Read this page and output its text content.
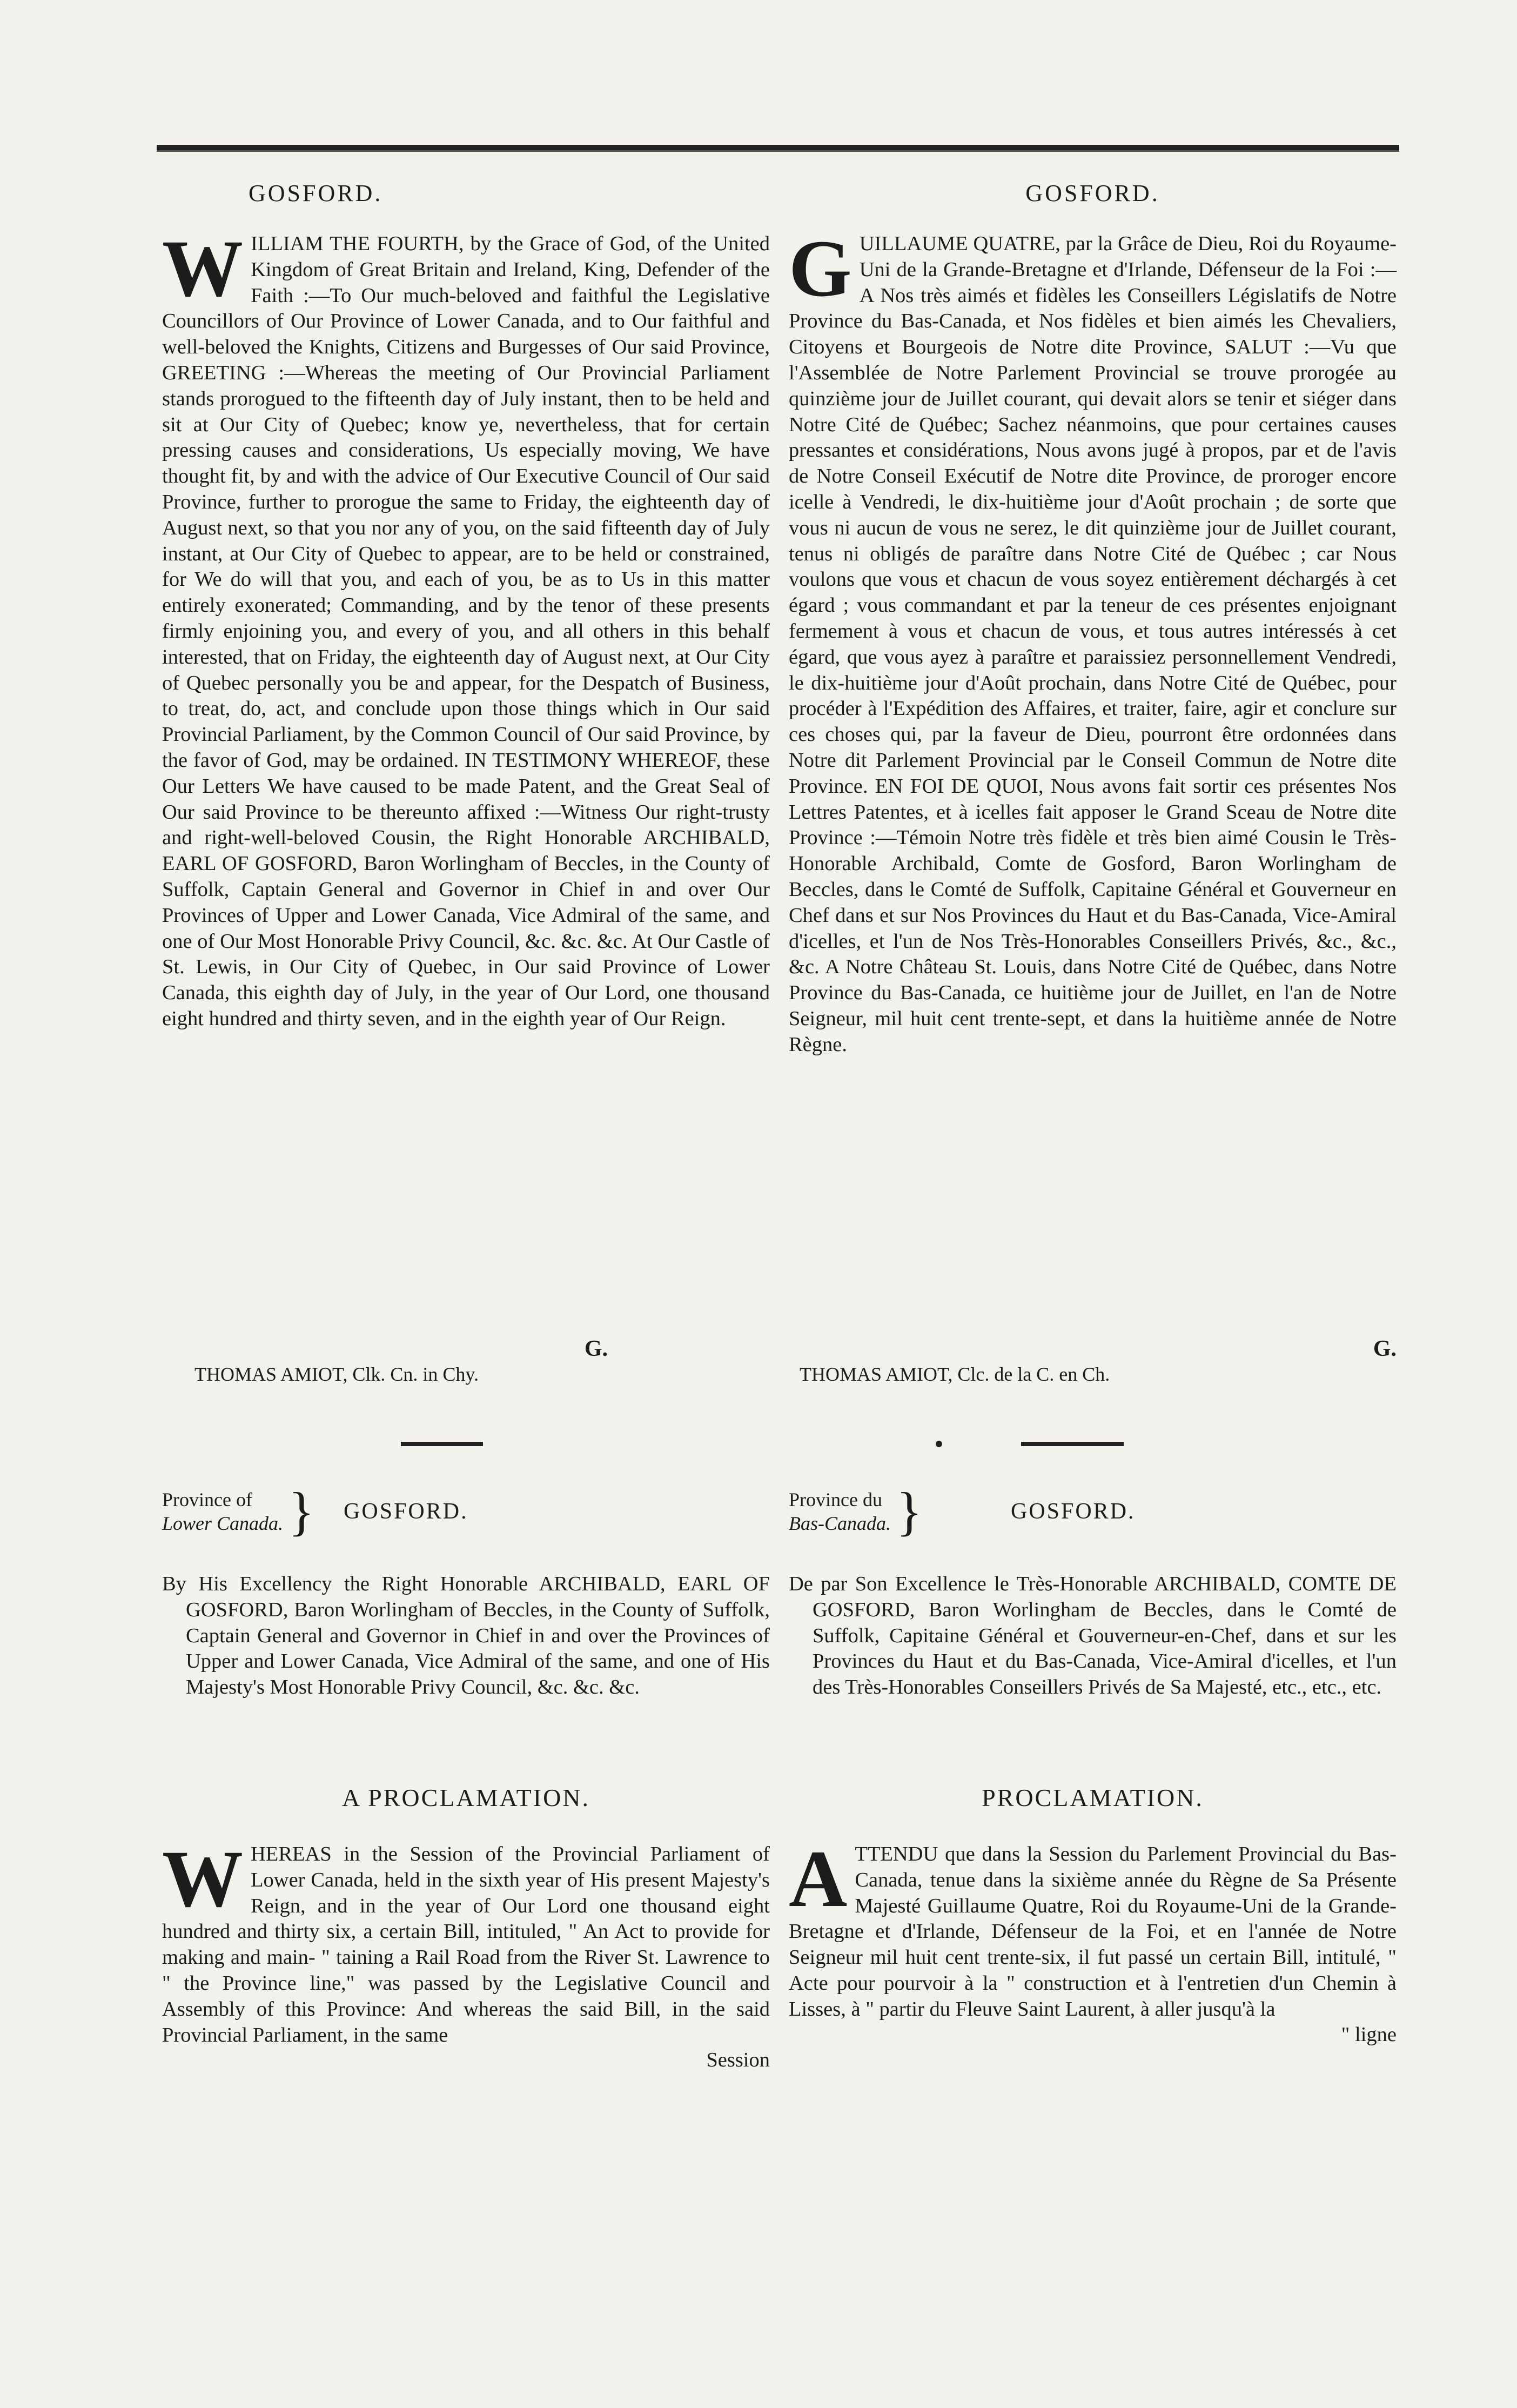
GOSFORD.

W ILLIAM THE FOURTH, by the Grace of God, of the United Kingdom of Great Britain and Ireland, King, Defender of the Faith :—To Our much-beloved and faithful the Legislative Councillors of Our Province of Lower Canada, and to Our faithful and well-beloved the Knights, Citizens and Burgesses of Our said Province, GREETING :—Whereas the meeting of Our Provincial Parliament stands prorogued to the fifteenth day of July instant, then to be held and sit at Our City of Quebec; know ye, nevertheless, that for certain pressing causes and considerations, Us especially moving, We have thought fit, by and with the advice of Our Executive Council of Our said Province, further to prorogue the same to Friday, the eighteenth day of August next, so that you nor any of you, on the said fifteenth day of July instant, at Our City of Quebec to appear, are to be held or constrained, for We do will that you, and each of you, be as to Us in this matter entirely exonerated; Commanding, and by the tenor of these presents firmly enjoining you, and every of you, and all others in this behalf interested, that on Friday, the eighteenth day of August next, at Our City of Quebec personally you be and appear, for the Despatch of Business, to treat, do, act, and conclude upon those things which in Our said Provincial Parliament, by the Common Council of Our said Province, by the favor of God, may be ordained. IN TESTIMONY WHEREOF, these Our Letters We have caused to be made Patent, and the Great Seal of Our said Province to be thereunto affixed :—Witness Our right-trusty and right-well-beloved Cousin, the Right Honorable ARCHIBALD, EARL OF GOSFORD, Baron Worlingham of Beccles, in the County of Suffolk, Captain General and Governor in Chief in and over Our Provinces of Upper and Lower Canada, Vice Admiral of the same, and one of Our Most Honorable Privy Council, &c. &c. &c. At Our Castle of St. Lewis, in Our City of Quebec, in Our said Province of Lower Canada, this eighth day of July, in the year of Our Lord, one thousand eight hundred and thirty seven, and in the eighth year of Our Reign.

G.

THOMAS AMIOT, Clk. Cn. in Chy.

Province of
Lower Canada. } GOSFORD.

By His Excellency the Right Honorable ARCHIBALD, EARL OF GOSFORD, Baron Worlingham of Beccles, in the County of Suffolk, Captain General and Governor in Chief in and over the Provinces of Upper and Lower Canada, Vice Admiral of the same, and one of His Majesty's Most Honorable Privy Council, &c. &c. &c.

A PROCLAMATION.

W HEREAS in the Session of the Provincial Parliament of Lower Canada, held in the sixth year of His present Majesty's Reign, and in the year of Our Lord one thousand eight hundred and thirty six, a certain Bill, intituled, " An Act to provide for making and main- " taining a Rail Road from the River St. Lawrence to " the Province line," was passed by the Legislative Council and Assembly of this Province: And whereas the said Bill, in the said Provincial Parliament, in the same

Session

GOSFORD.

G UILLAUME QUATRE, par la Grâce de Dieu, Roi du Royaume-Uni de la Grande-Bretagne et d'Irlande, Défenseur de la Foi :—A Nos très aimés et fidèles les Conseillers Législatifs de Notre Province du Bas-Canada, et Nos fidèles et bien aimés les Chevaliers, Citoyens et Bourgeois de Notre dite Province, SALUT :—Vu que l'Assemblée de Notre Parlement Provincial se trouve prorogée au quinzième jour de Juillet courant, qui devait alors se tenir et siéger dans Notre Cité de Québec; Sachez néanmoins, que pour certaines causes pressantes et considérations, Nous avons jugé à propos, par et de l'avis de Notre Conseil Exécutif de Notre dite Province, de proroger encore icelle à Vendredi, le dix-huitième jour d'Août prochain ; de sorte que vous ni aucun de vous ne serez, le dit quinzième jour de Juillet courant, tenus ni obligés de paraître dans Notre Cité de Québec ; car Nous voulons que vous et chacun de vous soyez entièrement déchargés à cet égard ; vous commandant et par la teneur de ces présentes enjoignant fermement à vous et chacun de vous, et tous autres intéressés à cet égard, que vous ayez à paraître et paraissiez personnellement Vendredi, le dix-huitième jour d'Août prochain, dans Notre Cité de Québec, pour procéder à l'Expédition des Affaires, et traiter, faire, agir et conclure sur ces choses qui, par la faveur de Dieu, pourront être ordonnées dans Notre dit Parlement Provincial par le Conseil Commun de Notre dite Province. EN FOI DE QUOI, Nous avons fait sortir ces présentes Nos Lettres Patentes, et à icelles fait apposer le Grand Sceau de Notre dite Province :—Témoin Notre très fidèle et très bien aimé Cousin le Très-Honorable Archibald, Comte de Gosford, Baron Worlingham de Beccles, dans le Comté de Suffolk, Capitaine Général et Gouverneur en Chef dans et sur Nos Provinces du Haut et du Bas-Canada, Vice-Amiral d'icelles, et l'un de Nos Très-Honorables Conseillers Privés, &c., &c., &c. A Notre Château St. Louis, dans Notre Cité de Québec, dans Notre Province du Bas-Canada, ce huitième jour de Juillet, en l'an de Notre Seigneur, mil huit cent trente-sept, et dans la huitième année de Notre Règne.

G.

THOMAS AMIOT, Clc. de la C. en Ch.

Province du
Bas-Canada. }	GOSFORD.

De par Son Excellence le Très-Honorable ARCHIBALD, COMTE DE GOSFORD, Baron Worlingham de Beccles, dans le Comté de Suffolk, Capitaine Général et Gouverneur-en-Chef, dans et sur les Provinces du Haut et du Bas-Canada, Vice-Amiral d'icelles, et l'un des Très-Honorables Conseillers Privés de Sa Majesté, etc., etc., etc.

PROCLAMATION.

A TTENDU que dans la Session du Parlement Provincial du Bas-Canada, tenue dans la sixième année du Règne de Sa Présente Majesté Guillaume Quatre, Roi du Royaume-Uni de la Grande-Bretagne et d'Irlande, Défenseur de la Foi, et en l'année de Notre Seigneur mil huit cent trente-six, il fut passé un certain Bill, intitulé, " Acte pour pourvoir à la " construction et à l'entretien d'un Chemin à Lisses, à " partir du Fleuve Saint Laurent, à aller jusqu'à la

" ligne
